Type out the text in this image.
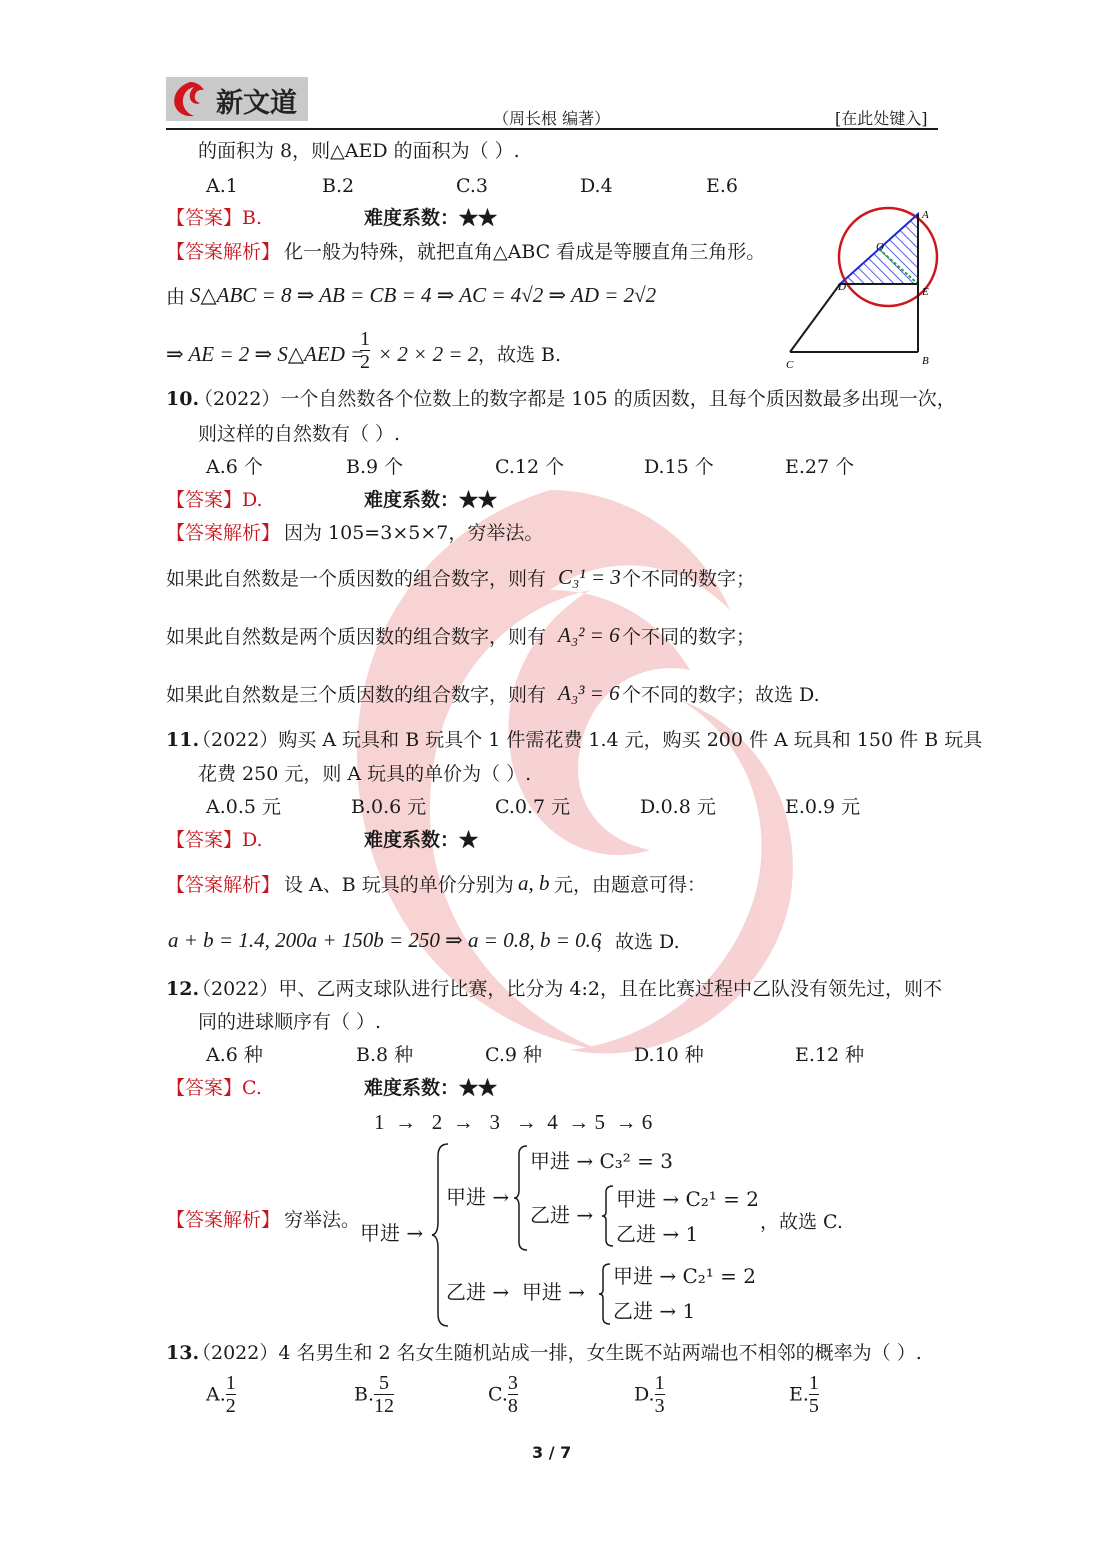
新文道	（周长根 编著）	[在此处键入]
的面积为 8，则△AED 的面积为（ ）.
A.1	B.2	C.3	D.4	E.6
【答案】B.	难度系数：★★
【答案解析】 化一般为特殊，就把直角△ABC 看成是等腰直角三角形。
由 S△ABC = 8 ⇒ AB = CB = 4 ⇒ AC = 4√2 ⇒ AD = 2√2
⇒ AE = 2 ⇒ S△AED =
$\frac{1}{2} \times 2 \times 2 = 2$ ，故选 B.
A
O
D	E
C	B
10.
（2022）一个自然数各个位数上的数字都是 105 的质因数，且每个质因数最多出现一次，
则这样的自然数有（ ）.
A.6 个	B.9 个	C.12 个	D.15 个	E.27 个
【答案】D.	难度系数：★★
【答案解析】 因为 105=3×5×7，穷举法。
如果此自然数是一个质因数的组合数字，则有 C₃¹ = 3 个不同的数字；
如果此自然数是两个质因数的组合数字，则有 A₃² = 6 个不同的数字；
如果此自然数是三个质因数的组合数字，则有 A₃³ = 6 个不同的数字；故选 D.
11.
（2022）购买 A 玩具和 B 玩具个 1 件需花费 1.4 元，购买 200 件 A 玩具和 150 件 B 玩具
花费 250 元，则 A 玩具的单价为（ ）.
A.0.5 元	B.0.6 元	C.0.7 元	D.0.8 元	E.0.9 元
【答案】D.	难度系数：★
【答案解析】 设 A、B 玩具的单价分别为 a, b 元，由题意可得：
a + b = 1.4, 200a + 150b = 250 ⇒ a = 0.8, b = 0.6
，故选 D.
12.
（2022）甲、乙两支球队进行比赛，比分为 4:2，且在比赛过程中乙队没有领先过，则不
同的进球顺序有（ ）.
A.6 种	B.8 种	C.9 种	D.10 种	E.12 种
【答案】C.	难度系数：★★
1  →   2  →   3   →  4  → 5  → 6
【答案解析】 穷举法。
甲进 →
甲进 →
乙进 →  甲进 →
甲进 → C₃² = 3
乙进 →
甲进 → C₂¹ = 2
乙进 → 1	，故选 C.
甲进 → C₂¹ = 2
乙进 → 1
13.
（2022）4 名男生和 2 名女生随机站成一排，女生既不站两端也不相邻的概率为（ ）.
A. $\frac{1}{2}$	B. $\frac{5}{12}$	C. $\frac{3}{8}$	D. $\frac{1}{3}$	E. $\frac{1}{5}$
3 / 7
